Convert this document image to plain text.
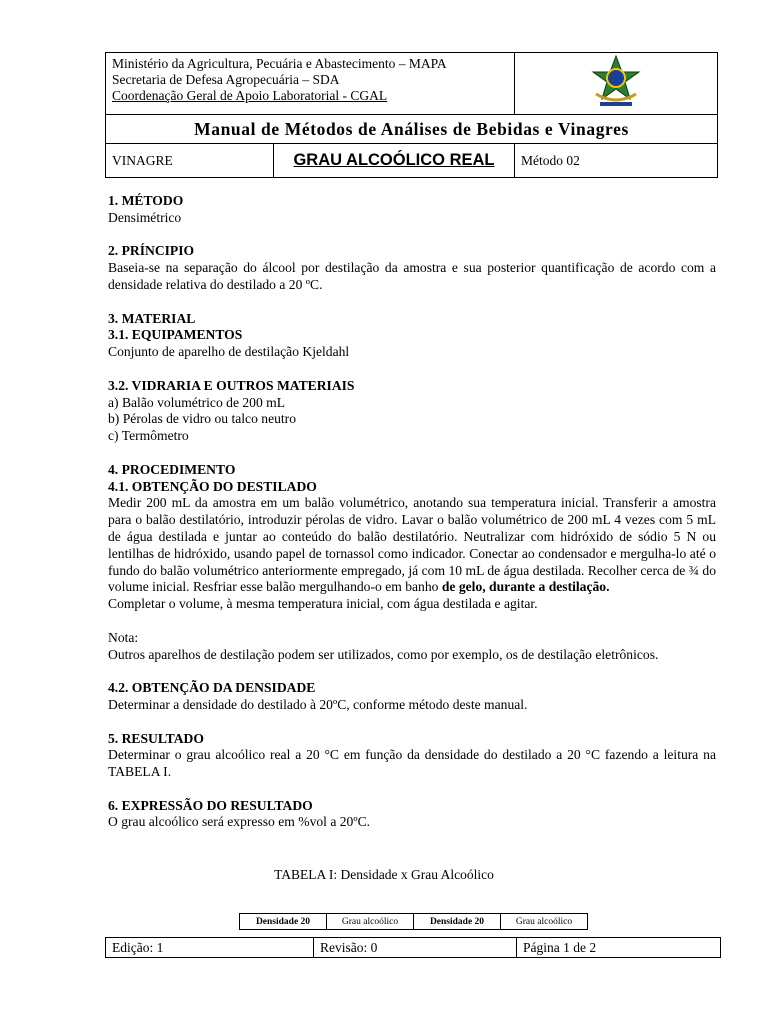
Ministério da Agricultura, Pecuária e Abastecimento – MAPA
Secretaria de Defesa Agropecuária – SDA
Coordenação Geral de Apoio Laboratorial - CGAL

Manual de Métodos de Análises de Bebidas e Vinagres		
VINAGRE	GRAU ALCOÓLICO REAL	Método 02

1. MÉTODO

Densimétrico

2. PRÍNCIPIO

Baseia-se na separação do álcool por destilação da amostra e sua posterior quantificação de acordo com a densidade relativa do destilado a 20 ºC.

3. MATERIAL

3.1. EQUIPAMENTOS

Conjunto de aparelho de destilação Kjeldahl

3.2. VIDRARIA E OUTROS MATERIAIS

a) Balão volumétrico de 200 mL

b) Pérolas de vidro ou talco neutro

c) Termômetro

4. PROCEDIMENTO

4.1. OBTENÇÃO DO DESTILADO

Medir 200 mL da amostra em um balão volumétrico, anotando sua temperatura inicial. Transferir a amostra para o balão destilatório, introduzir pérolas de vidro. Lavar o balão volumétrico de 200 mL 4 vezes com 5 mL de água destilada e juntar ao conteúdo do balão destilatório. Neutralizar com hidróxido de sódio 5 N ou lentilhas de hidróxido, usando papel de tornassol como indicador. Conectar ao condensador e mergulha-lo até o fundo do balão volumétrico anteriormente empregado, já com 10 mL de água destilada. Recolher cerca de ¾ do volume inicial. Resfriar esse balão mergulhando-o em banho de gelo, durante a destilação.

Completar o volume, à mesma temperatura inicial, com água destilada e agitar.

Nota:

Outros aparelhos de destilação podem ser utilizados, como por exemplo, os de destilação eletrônicos.

4.2. OBTENÇÃO DA DENSIDADE

Determinar a densidade do destilado à 20ºC, conforme método deste manual.

5. RESULTADO

Determinar o grau alcoólico real a 20 °C em função da densidade do destilado a 20 °C fazendo a leitura na TABELA I.

6. EXPRESSÃO DO RESULTADO

O grau alcoólico será expresso em %vol a 20ºC.

TABELA I: Densidade x Grau Alcoólico
Densidade 20	Grau alcoólico	Densidade 20	Grau alcoólico
Edição: 1	Revisão: 0	Página 1 de 2
